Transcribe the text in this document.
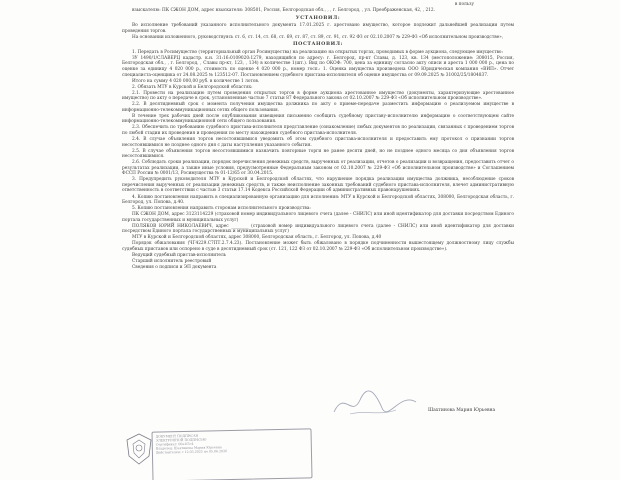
в пользу

взыскателю: ПК СЖОН ДОМ, адрес взыскателя: 308501, Россия, Белгородская обл., , , г. Белгород, , ул. Преображенская, 42, , 212.

УСТАНОВИЛ:

Во исполнение требований указанного исполнительного документа 17.01.2025 г. арестовано имущество, которое подлежит дальнейшей реализации путем проведения торгов.

На основании изложенного, руководствуясь ст. 6, ст. 14, ст. 68, ст. 69, ст. 87, ст. 89, ст. 91, ст. 92 ФЗ от 02.10.2007 № 229-ФЗ «Об исполнительном производстве»,

ПОСТАНОВИЛ:

1. Передать в Росимущество (территориальный орган Росимущества) на реализацию на открытых торгах, проводимых в форме аукциона, следующее имущество:

ЗУ 1490/1/СЛАВЕРЦ кадастр. к.н. 31:16:0109020:1279, находящийся по адресу: г. Белгород, пр-кт Славы, д. 123, кв. 134 (местоположение: 308015, Россия, Белгородская обл., , г. Белгород, , Славы пр-кт, 123, , 134) в количестве 1(шт.). Вид по ОКОФ: 700, цена за единицу согласно акту описи и ареста 1 000 000 р., цена по оценке за единицу 4 020 000 р., стоимость по оценке 4 020 000 р., номер госп.: 1. Оценка имущества произведена ООО Юридическая компания «ВИП». Отчет специалиста-оценщика от 24.08.2025 № 123512-07. Постановлением судебного пристава-исполнителя об оценке имущества от 09.09.2025 № 31002/25/1804837.

Итого на сумму 4 020 000,00 руб. в количестве 1 лотов.

2. Обязать МТУ в Курской и Белгородской областях:

2.1. Провести на реализацию путем проведения открытых торгов в форме аукциона арестованное имущество (документы, характеризующие арестованное имущество) по акту о передаче в срок, установленные частью 7 статьи 87 Федерального закона от 02.10.2007 № 229-ФЗ «Об исполнительном производстве».

2.2. В десятидневный срок с момента получения имущества должника по акту о приеме-передаче разместить информацию о реализуемом имуществе в информационно-телекоммуникационных сетях общего пользования.

В течение трех рабочих дней после опубликования извещения письменно сообщить судебному приставу-исполнителю информацию о соответствующем сайте информационно-телекоммуникационной сети общего пользования.

2.3. Обеспечить по требованию судебного пристава-исполнителя представление (ознакомление) любых документов по реализации, связанных с проведением торгов по любой стадии их проведения и проведения по месту нахождения судебного пристава-исполнителя.

2.4. В случае объявления торгов несостоявшимися уведомить об этом судебного пристава-исполнителя и предоставить ему протокол о признании торгов несостоявшимися не позднее одного дня с даты наступления указанного события.

2.5. В случае объявления торгов несостоявшимися назначить повторные торги не ранее десяти дней, но не позднее одного месяца со дня объявления торгов несостоявшимися.

2.6. Соблюдать сроки реализации, порядок перечисления денежных средств, вырученных от реализации, отчетов о реализации и возвращения, предоставить отчет о результатах реализации, а также иные условия, предусмотренные Федеральным законом от 02.10.2007 № 229-ФЗ «Об исполнительном производстве» и Соглашением ФССП России № 0001/13, Росимущества № 01-12/65 от 30.04.2015.

3. Предупредить руководителя МТУ в Курской и Белгородской областях, что нарушение порядка реализации имущества должника, несоблюдение сроков перечисления вырученных от реализации денежных средств, и также неисполнение законных требований судебного пристава-исполнителя, влечет административную ответственность в соответствии с частью 3 статьи 17.14 Кодекса Российской Федерации об административных правонарушениях.

4. Копию постановления направить в специализированную организацию для исполнения: МТУ в Курской и Белгородской областях, 308000, Белгородская область, г. Белгород, ул. Попова, д.40.

5. Копию постановления направить сторонам исполнительного производства:

ПК СЖОН ДОМ, адрес 3123114229 (страховой номер индивидуального лицевого счета (далее - СНИЛС) или иной идентификатор для доставки посредством Единого портала государственных и муниципальных услуг)

ПОЛЯКОВ ЮРИЙ НИКОЛАЕВИЧ, адрес ________ (страховой номер индивидуального лицевого счета (далее - СНИЛС) или иной идентификатор для доставки посредством Единого портала государственных и муниципальных услуг)

МТУ в Курской и Белгородской областях, адрес 308000, Белгородская область, г. Белгород, ул. Попова, д.40

Порядок обжалования (ЧГ4229.С7ПТ.2.7.4.23). Постановление может быть обжаловано в порядке подчиненности вышестоящему должностному лицу службы судебных приставов или оспорено в суде в десятидневный срок (ст. 121, 122 ФЗ от 02.10.2007 № 229-ФЗ «Об исполнительном производстве»).

Ведущий судебный пристав-исполнитель

Старший исполнитель реестровый

Сведения о подписи и ЭП документа

Шахтинова Мария Юрьевна
ДОКУМЕНТ ПОДПИСАН
ЭЛЕКТРОННОЙ ПОДПИСЬЮ
Сертификат: 00a1f3c4
Владелец: Шахтинова Мария Юрьевна
Действителен: с 12.03.2025 по 05.06.2026
